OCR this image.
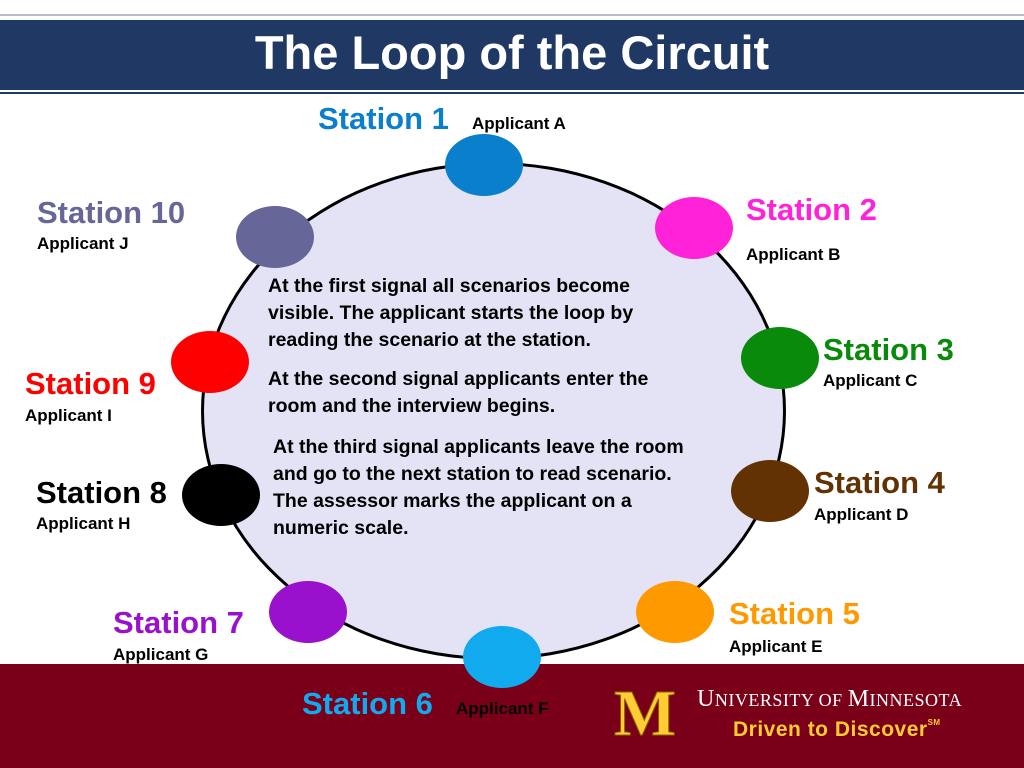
The Loop of the Circuit
Station 1 Applicant A
Station 2
Applicant B
Station 3
Applicant C
Station 4
Applicant D
Station 5
Applicant E
Station 6 Applicant F
Station 7
Applicant G
Station 8
Applicant H
Station 9
Applicant I
Station 10
Applicant J
At the first signal all scenarios become
visible. The applicant starts the loop by
reading the scenario at the station.
At the second signal applicants enter the
room and the interview begins.
At the third signal applicants leave the room
and go to the next station to read scenario.
The assessor marks the applicant on a
numeric scale.
M UNIVERSITY OF MINNESOTA
Driven to Discover℠
